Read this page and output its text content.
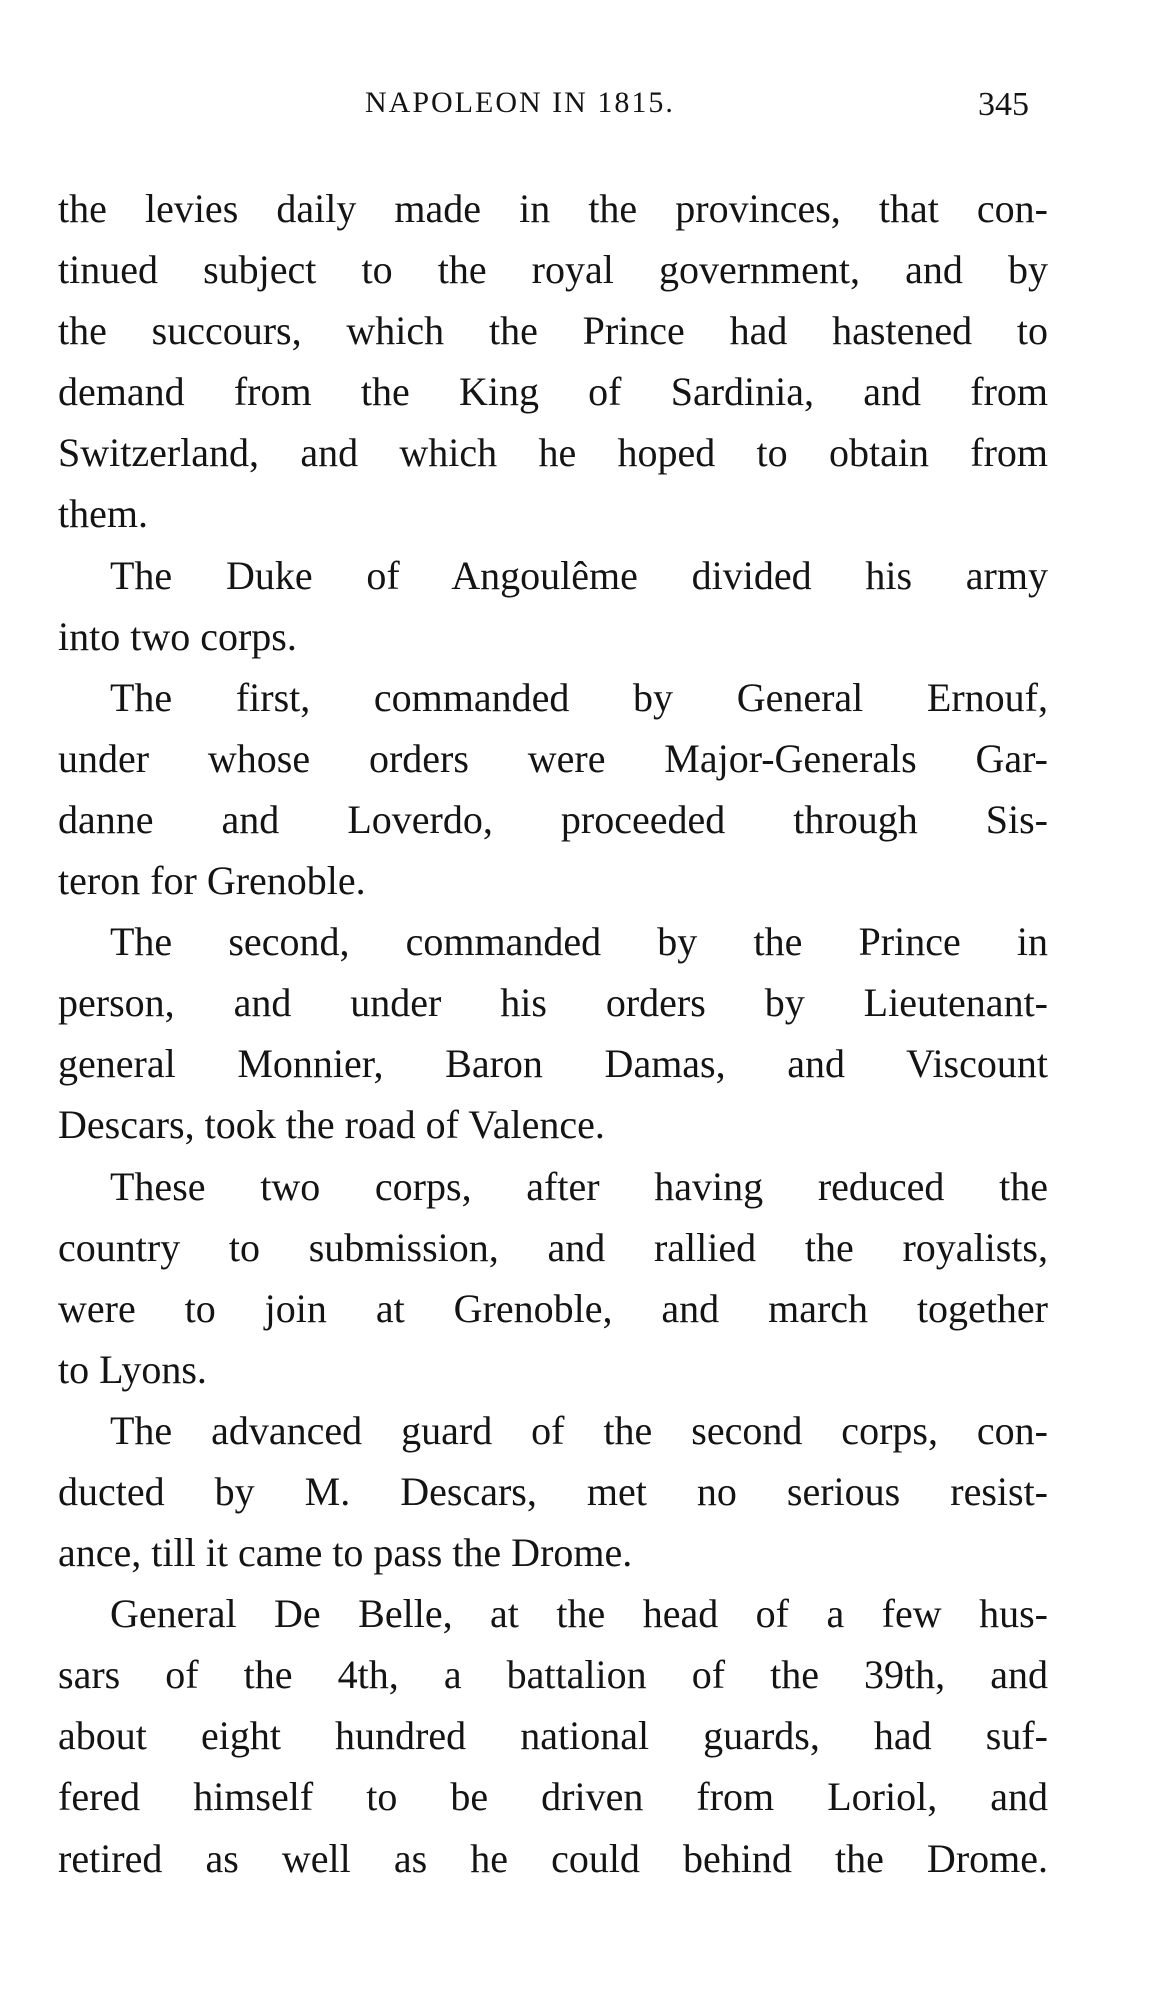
NAPOLEON IN 1815.	345
the levies daily made in the provinces, that con-
tinued subject to the royal government, and by
the succours, which the Prince had hastened to
demand from the King of Sardinia, and from
Switzerland, and which he hoped to obtain from
them.
The Duke of Angoulême divided his army
into two corps.
The first, commanded by General Ernouf,
under whose orders were Major-Generals Gar-
danne and Loverdo, proceeded through Sis-
teron for Grenoble.
The second, commanded by the Prince in
person, and under his orders by Lieutenant-
general Monnier, Baron Damas, and Viscount
Descars, took the road of Valence.
These two corps, after having reduced the
country to submission, and rallied the royalists,
were to join at Grenoble, and march together
to Lyons.
The advanced guard of the second corps, con-
ducted by M. Descars, met no serious resist-
ance, till it came to pass the Drome.
General De Belle, at the head of a few hus-
sars of the 4th, a battalion of the 39th, and
about eight hundred national guards, had suf-
fered himself to be driven from Loriol, and
retired as well as he could behind the Drome.
